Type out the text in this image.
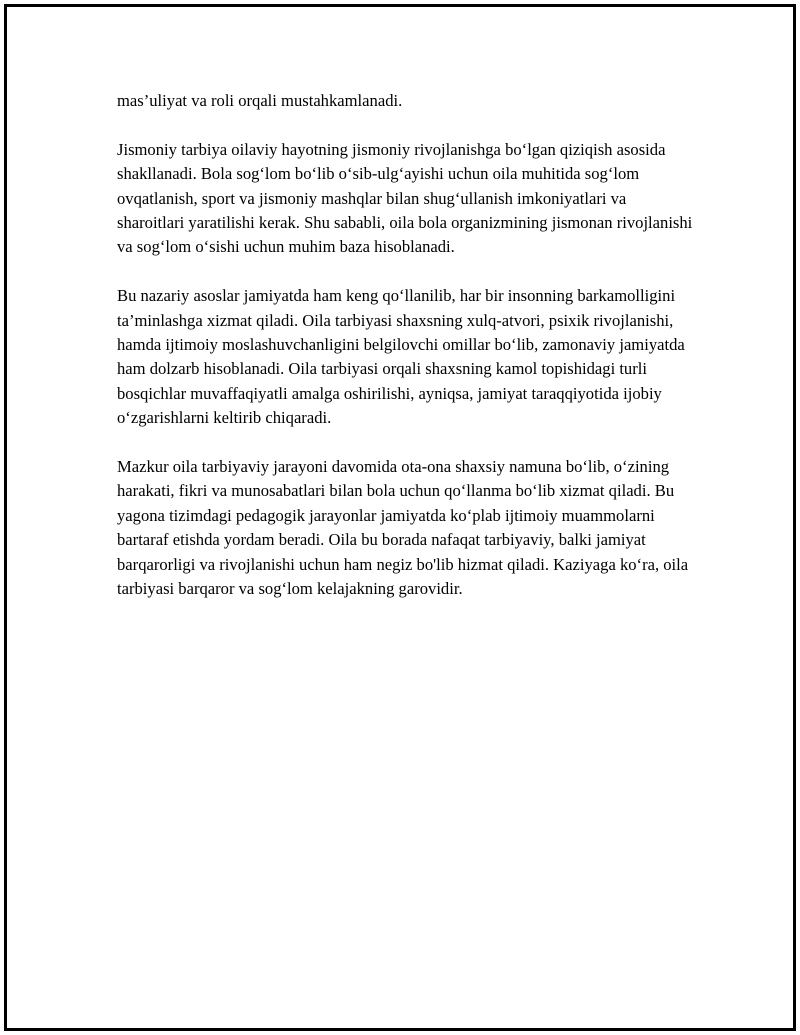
mas’uliyat va roli orqali mustahkamlanadi.

Jismoniy tarbiya oilaviy hayotning jismoniy rivojlanishga bo‘lgan qiziqish asosida shakllanadi. Bola sog‘lom bo‘lib o‘sib-ulg‘ayishi uchun oila muhitida sog‘lom ovqatlanish, sport va jismoniy mashqlar bilan shug‘ullanish imkoniyatlari va sharoitlari yaratilishi kerak. Shu sababli, oila bola organizmining jismonan rivojlanishi va sog‘lom o‘sishi uchun muhim baza hisoblanadi.

Bu nazariy asoslar jamiyatda ham keng qo‘llanilib, har bir insonning barkamolligini ta’minlashga xizmat qiladi. Oila tarbiyasi shaxsning xulq-atvori, psixik rivojlanishi, hamda ijtimoiy moslashuvchanligini belgilovchi omillar bo‘lib, zamonaviy jamiyatda ham dolzarb hisoblanadi. Oila tarbiyasi orqali shaxsning kamol topishidagi turli bosqichlar muvaffaqiyatli amalga oshirilishi, ayniqsa, jamiyat taraqqiyotida ijobiy o‘zgarishlarni keltirib chiqaradi.

Mazkur oila tarbiyaviy jarayoni davomida ota-ona shaxsiy namuna bo‘lib, o‘zining harakati, fikri va munosabatlari bilan bola uchun qo‘llanma bo‘lib xizmat qiladi. Bu yagona tizimdagi pedagogik jarayonlar jamiyatda ko‘plab ijtimoiy muammolarni bartaraf etishda yordam beradi. Oila bu borada nafaqat tarbiyaviy, balki jamiyat barqarorligi va rivojlanishi uchun ham negiz bo'lib hizmat qiladi. Kaziyaga ko‘ra, oila tarbiyasi barqaror va sog‘lom kelajakning garovidir.
